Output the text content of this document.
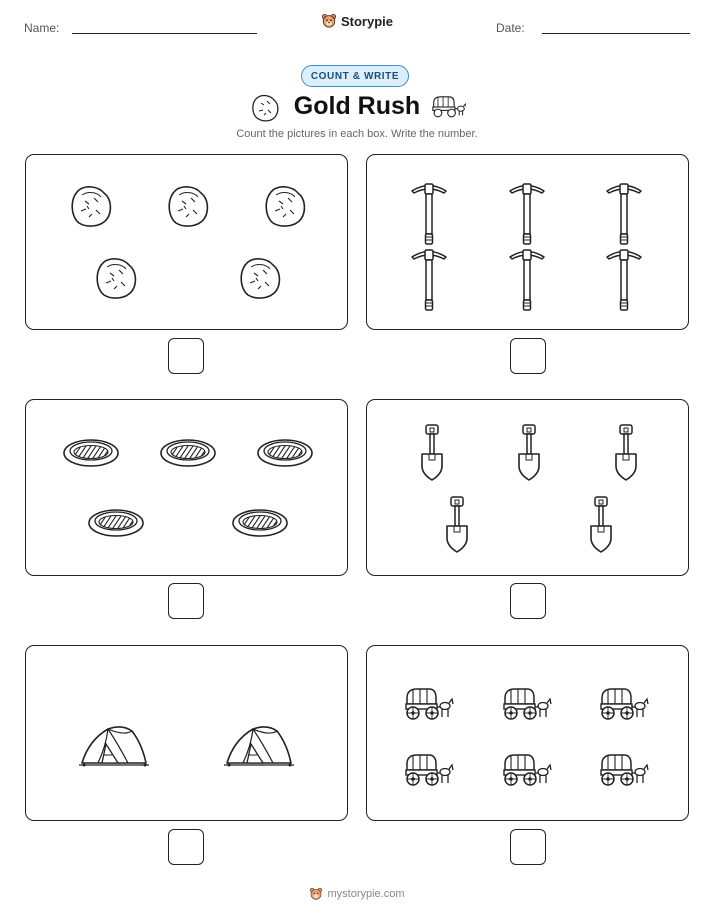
Name:	Storypie	Date:
COUNT & WRITE
Gold Rush
Count the pictures in each box. Write the number.
mystorypie.com
